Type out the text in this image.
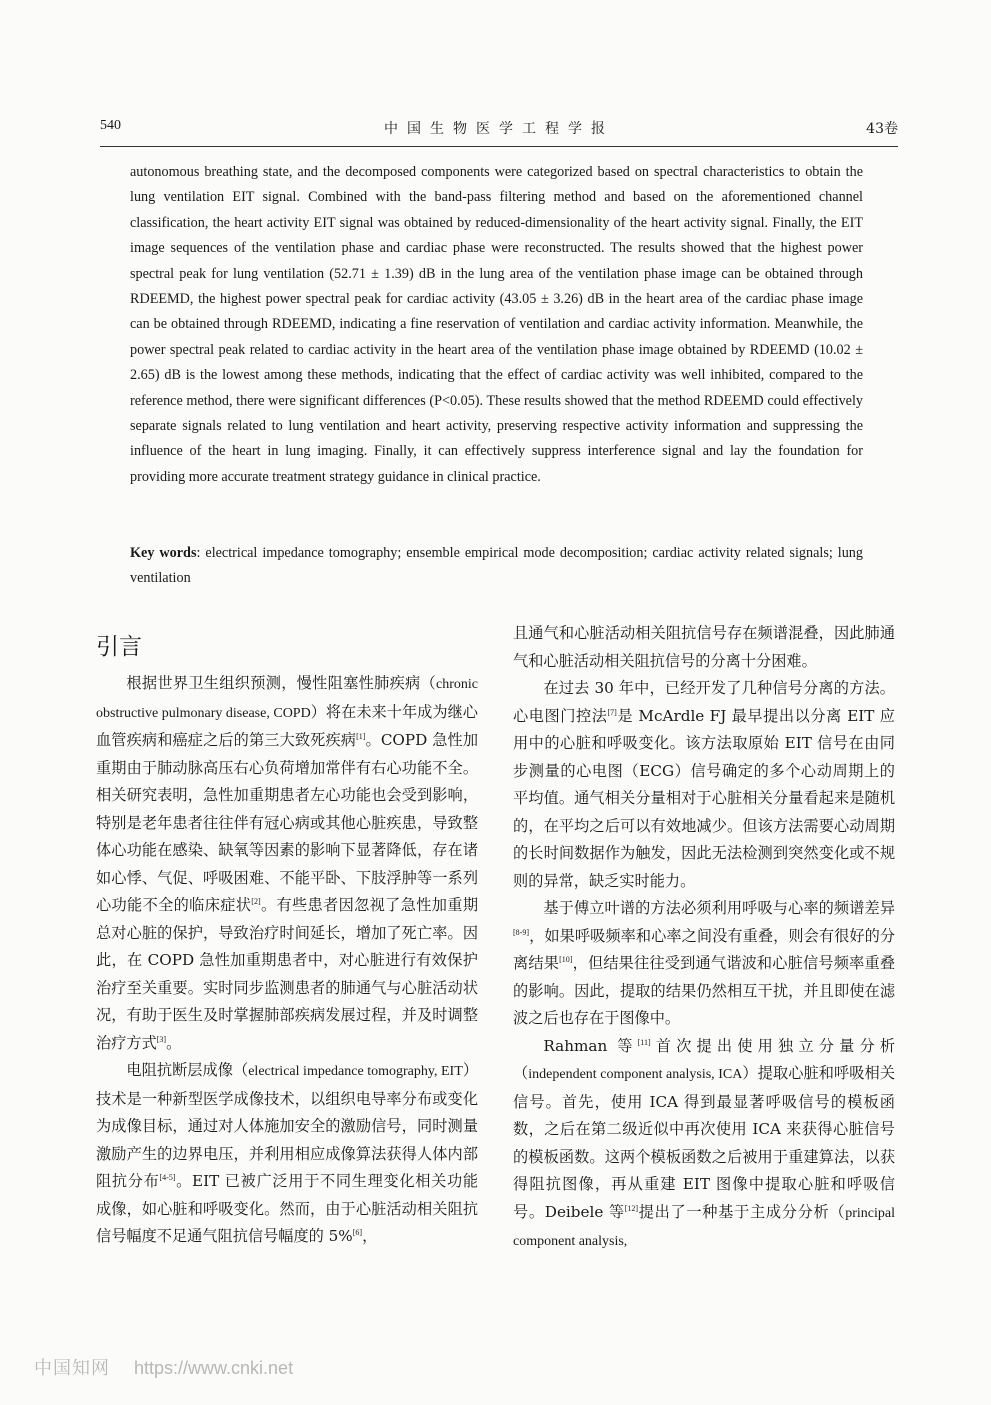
中国生物医学工程学报
540	43卷

autonomous breathing state, and the decomposed components were categorized based on spectral characteristics to obtain the lung ventilation EIT signal. Combined with the band-pass filtering method and based on the aforementioned channel classification, the heart activity EIT signal was obtained by reduced-dimensionality of the heart activity signal. Finally, the EIT image sequences of the ventilation phase and cardiac phase were reconstructed. The results showed that the highest power spectral peak for lung ventilation (52.71 ± 1.39) dB in the lung area of the ventilation phase image can be obtained through RDEEMD, the highest power spectral peak for cardiac activity (43.05 ± 3.26) dB in the heart area of the cardiac phase image can be obtained through RDEEMD, indicating a fine reservation of ventilation and cardiac activity information. Meanwhile, the power spectral peak related to cardiac activity in the heart area of the ventilation phase image obtained by RDEEMD (10.02 ± 2.65) dB is the lowest among these methods, indicating that the effect of cardiac activity was well inhibited, compared to the reference method, there were significant differences (P<0.05). These results showed that the method RDEEMD could effectively separate signals related to lung ventilation and heart activity, preserving respective activity information and suppressing the influence of the heart in lung imaging. Finally, it can effectively suppress interference signal and lay the foundation for providing more accurate treatment strategy guidance in clinical practice.

Key words: electrical impedance tomography; ensemble empirical mode decomposition; cardiac activity related signals; lung ventilation

引言

根据世界卫生组织预测，慢性阻塞性肺疾病（chronic obstructive pulmonary disease, COPD）将在未来十年成为继心血管疾病和癌症之后的第三大致死疾病[1]。COPD 急性加重期由于肺动脉高压右心负荷增加常伴有右心功能不全。相关研究表明，急性加重期患者左心功能也会受到影响，特别是老年患者往往伴有冠心病或其他心脏疾患，导致整体心功能在感染、缺氧等因素的影响下显著降低，存在诸如心悸、气促、呼吸困难、不能平卧、下肢浮肿等一系列心功能不全的临床症状[2]。有些患者因忽视了急性加重期总对心脏的保护，导致治疗时间延长，增加了死亡率。因此，在 COPD 急性加重期患者中，对心脏进行有效保护治疗至关重要。实时同步监测患者的肺通气与心脏活动状况，有助于医生及时掌握肺部疾病发展过程，并及时调整治疗方式[3]。

电阻抗断层成像（electrical impedance tomography, EIT）技术是一种新型医学成像技术，以组织电导率分布或变化为成像目标，通过对人体施加安全的激励信号，同时测量激励产生的边界电压，并利用相应成像算法获得人体内部阻抗分布[4-5]。EIT 已被广泛用于不同生理变化相关功能成像，如心脏和呼吸变化。然而，由于心脏活动相关阻抗信号幅度不足通气阻抗信号幅度的 5%[6]，

且通气和心脏活动相关阻抗信号存在频谱混叠，因此肺通气和心脏活动相关阻抗信号的分离十分困难。

在过去 30 年中，已经开发了几种信号分离的方法。心电图门控法[7]是 McArdle FJ 最早提出以分离 EIT 应用中的心脏和呼吸变化。该方法取原始 EIT 信号在由同步测量的心电图（ECG）信号确定的多个心动周期上的平均值。通气相关分量相对于心脏相关分量看起来是随机的，在平均之后可以有效地减少。但该方法需要心动周期的长时间数据作为触发，因此无法检测到突然变化或不规则的异常，缺乏实时能力。

基于傅立叶谱的方法必须利用呼吸与心率的频谱差异[8-9]，如果呼吸频率和心率之间没有重叠，则会有很好的分离结果[10]，但结果往往受到通气谐波和心脏信号频率重叠的影响。因此，提取的结果仍然相互干扰，并且即使在滤波之后也存在于图像中。

Rahman 等[11]首次提出使用独立分量分析（independent component analysis, ICA）提取心脏和呼吸相关信号。首先，使用 ICA 得到最显著呼吸信号的模板函数，之后在第二级近似中再次使用 ICA 来获得心脏信号的模板函数。这两个模板函数之后被用于重建算法，以获得阻抗图像，再从重建 EIT 图像中提取心脏和呼吸信号。Deibele 等[12]提出了一种基于主成分分析（principal component analysis,

中国知网 https://www.cnki.net
